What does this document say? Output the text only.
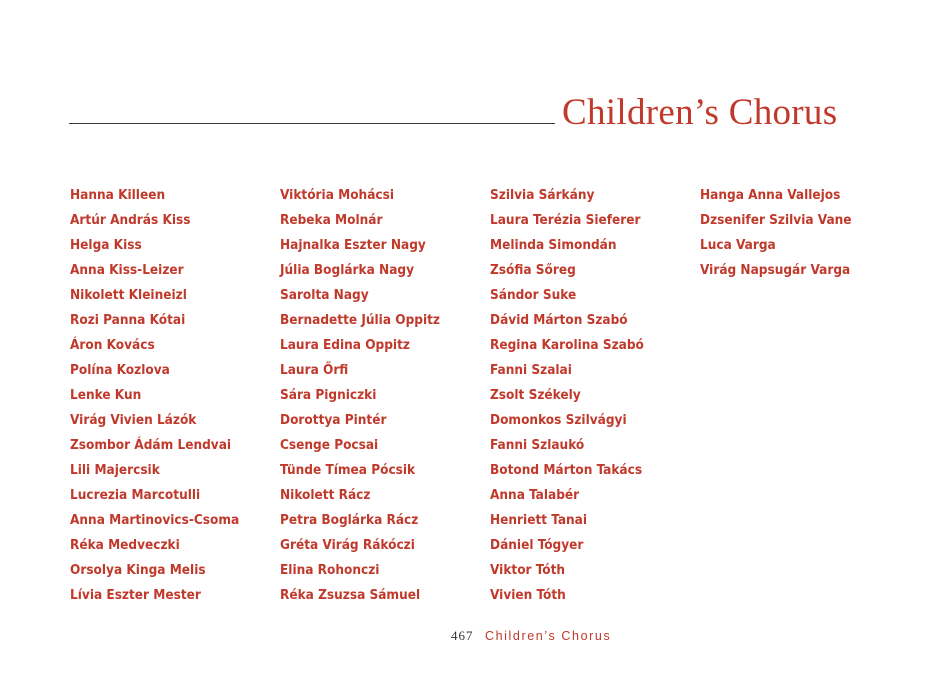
Children’s Chorus
Hanna Killeen
Artúr András Kiss
Helga Kiss
Anna Kiss-Leizer
Nikolett Kleineizl
Rozi Panna Kótai
Áron Kovács
Polína Kozlova
Lenke Kun
Virág Vivien Lázók
Zsombor Ádám Lendvai
Lili Majercsik
Lucrezia Marcotulli
Anna Martinovics-Csoma
Réka Medveczki
Orsolya Kinga Melis
Lívia Eszter Mester
Viktória Mohácsi
Rebeka Molnár
Hajnalka Eszter Nagy
Júlia Boglárka Nagy
Sarolta Nagy
Bernadette Júlia Oppitz
Laura Edina Oppitz
Laura Őrfi
Sára Pigniczki
Dorottya Pintér
Csenge Pocsai
Tünde Tímea Pócsik
Nikolett Rácz
Petra Boglárka Rácz
Gréta Virág Rákóczi
Elina Rohonczi
Réka Zsuzsa Sámuel
Szilvia Sárkány
Laura Terézia Sieferer
Melinda Simondán
Zsófia Sőreg
Sándor Suke
Dávid Márton Szabó
Regina Karolina Szabó
Fanni Szalai
Zsolt Székely
Domonkos Szilvágyi
Fanni Szlaukó
Botond Márton Takács
Anna Talabér
Henriett Tanai
Dániel Tógyer
Viktor Tóth
Vivien Tóth
Hanga Anna Vallejos
Dzsenifer Szilvia Vane
Luca Varga
Virág Napsugár Varga
467 Children’s Chorus
